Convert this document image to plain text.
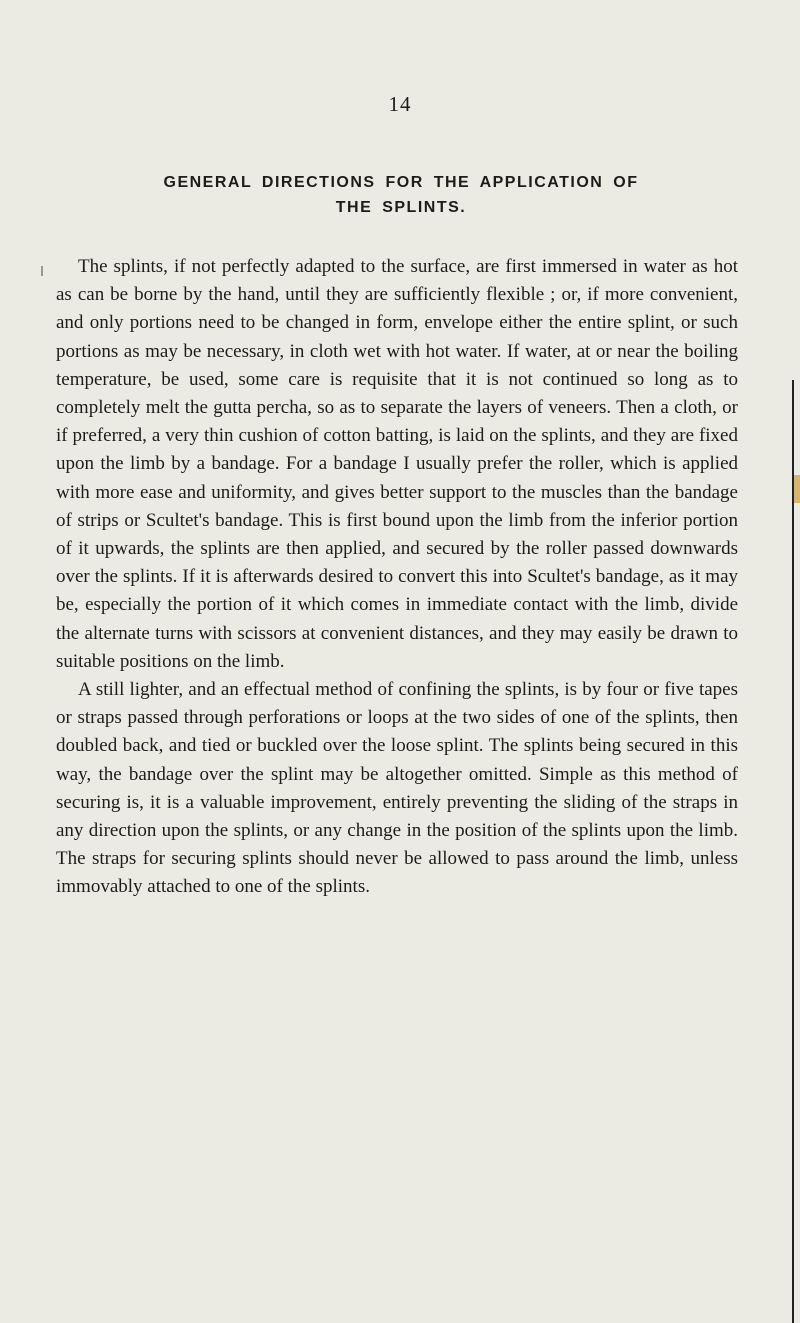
14
GENERAL DIRECTIONS FOR THE APPLICATION OF
THE SPLINTS.

The splints, if not perfectly adapted to the surface, are first immersed in water as hot as can be borne by the hand, until they are sufficiently flexible ; or, if more convenient, and only portions need to be changed in form, envelope either the entire splint, or such portions as may be necessary, in cloth wet with hot water. If water, at or near the boiling temperature, be used, some care is requisite that it is not continued so long as to completely melt the gutta percha, so as to separate the layers of veneers. Then a cloth, or if preferred, a very thin cushion of cotton batting, is laid on the splints, and they are fixed upon the limb by a bandage. For a bandage I usually prefer the roller, which is applied with more ease and uniformity, and gives better support to the muscles than the bandage of strips or Scultet's bandage. This is first bound upon the limb from the inferior portion of it upwards, the splints are then applied, and secured by the roller passed downwards over the splints. If it is afterwards desired to convert this into Scultet's bandage, as it may be, especially the portion of it which comes in immediate contact with the limb, divide the alternate turns with scissors at convenient distances, and they may easily be drawn to suitable positions on the limb.

A still lighter, and an effectual method of confining the splints, is by four or five tapes or straps passed through perforations or loops at the two sides of one of the splints, then doubled back, and tied or buckled over the loose splint. The splints being secured in this way, the bandage over the splint may be altogether omitted. Simple as this method of securing is, it is a valuable improvement, entirely preventing the sliding of the straps in any direction upon the splints, or any change in the position of the splints upon the limb. The straps for securing splints should never be allowed to pass around the limb, unless immovably attached to one of the splints.
